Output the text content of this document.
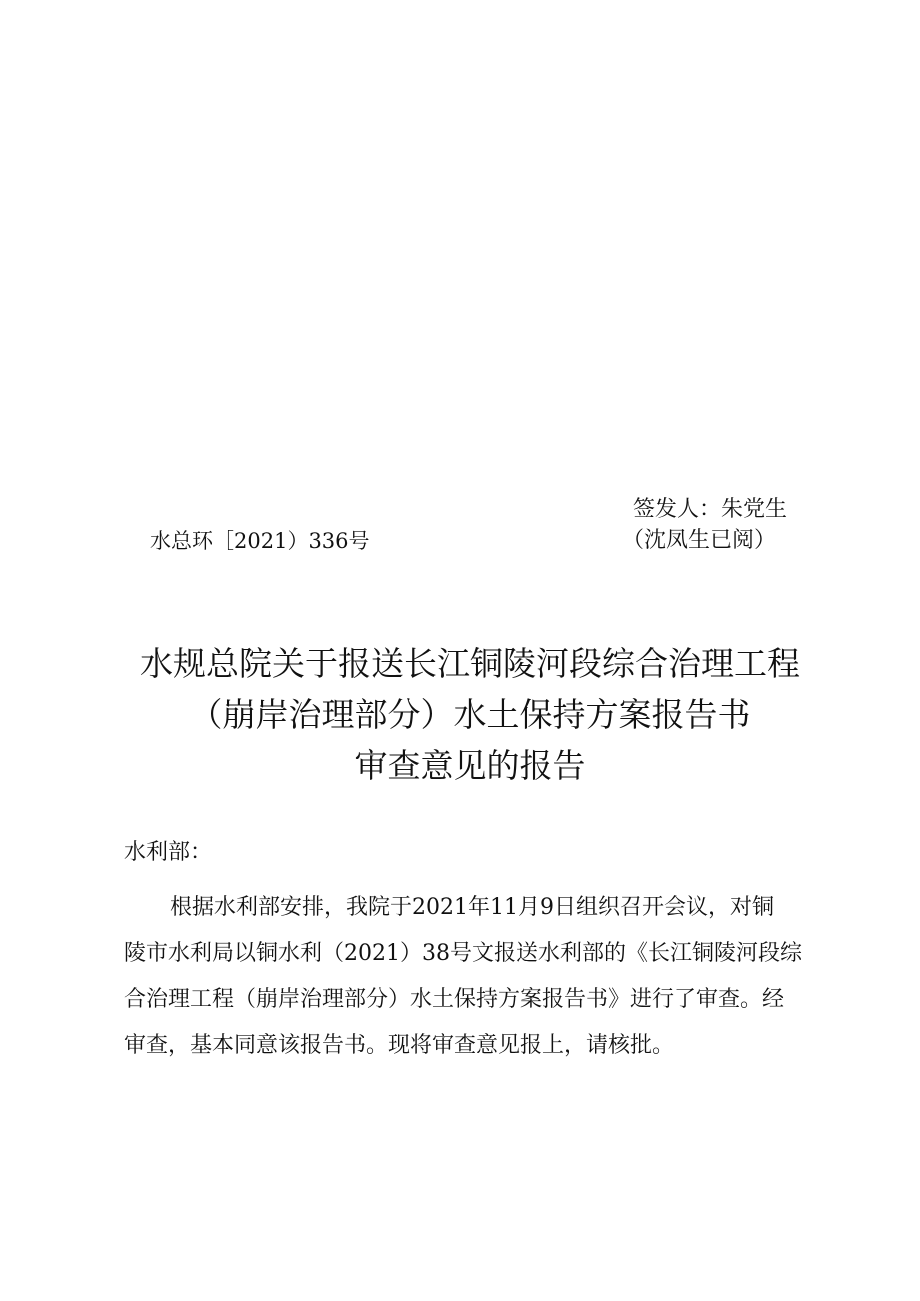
签发人：朱党生
水总环［2021）336号	（沈凤生已阅）
水规总院关于报送长江铜陵河段综合治理工程
（崩岸治理部分）水土保持方案报告书
审查意见的报告
水利部：
根据水利部安排，我院于2021年11月9日组织召开会议，对铜
陵市水利局以铜水利（2021）38号文报送水利部的《长江铜陵河段综
合治理工程（崩岸治理部分）水土保持方案报告书》进行了审查。经
审查，基本同意该报告书。现将审查意见报上，请核批。
